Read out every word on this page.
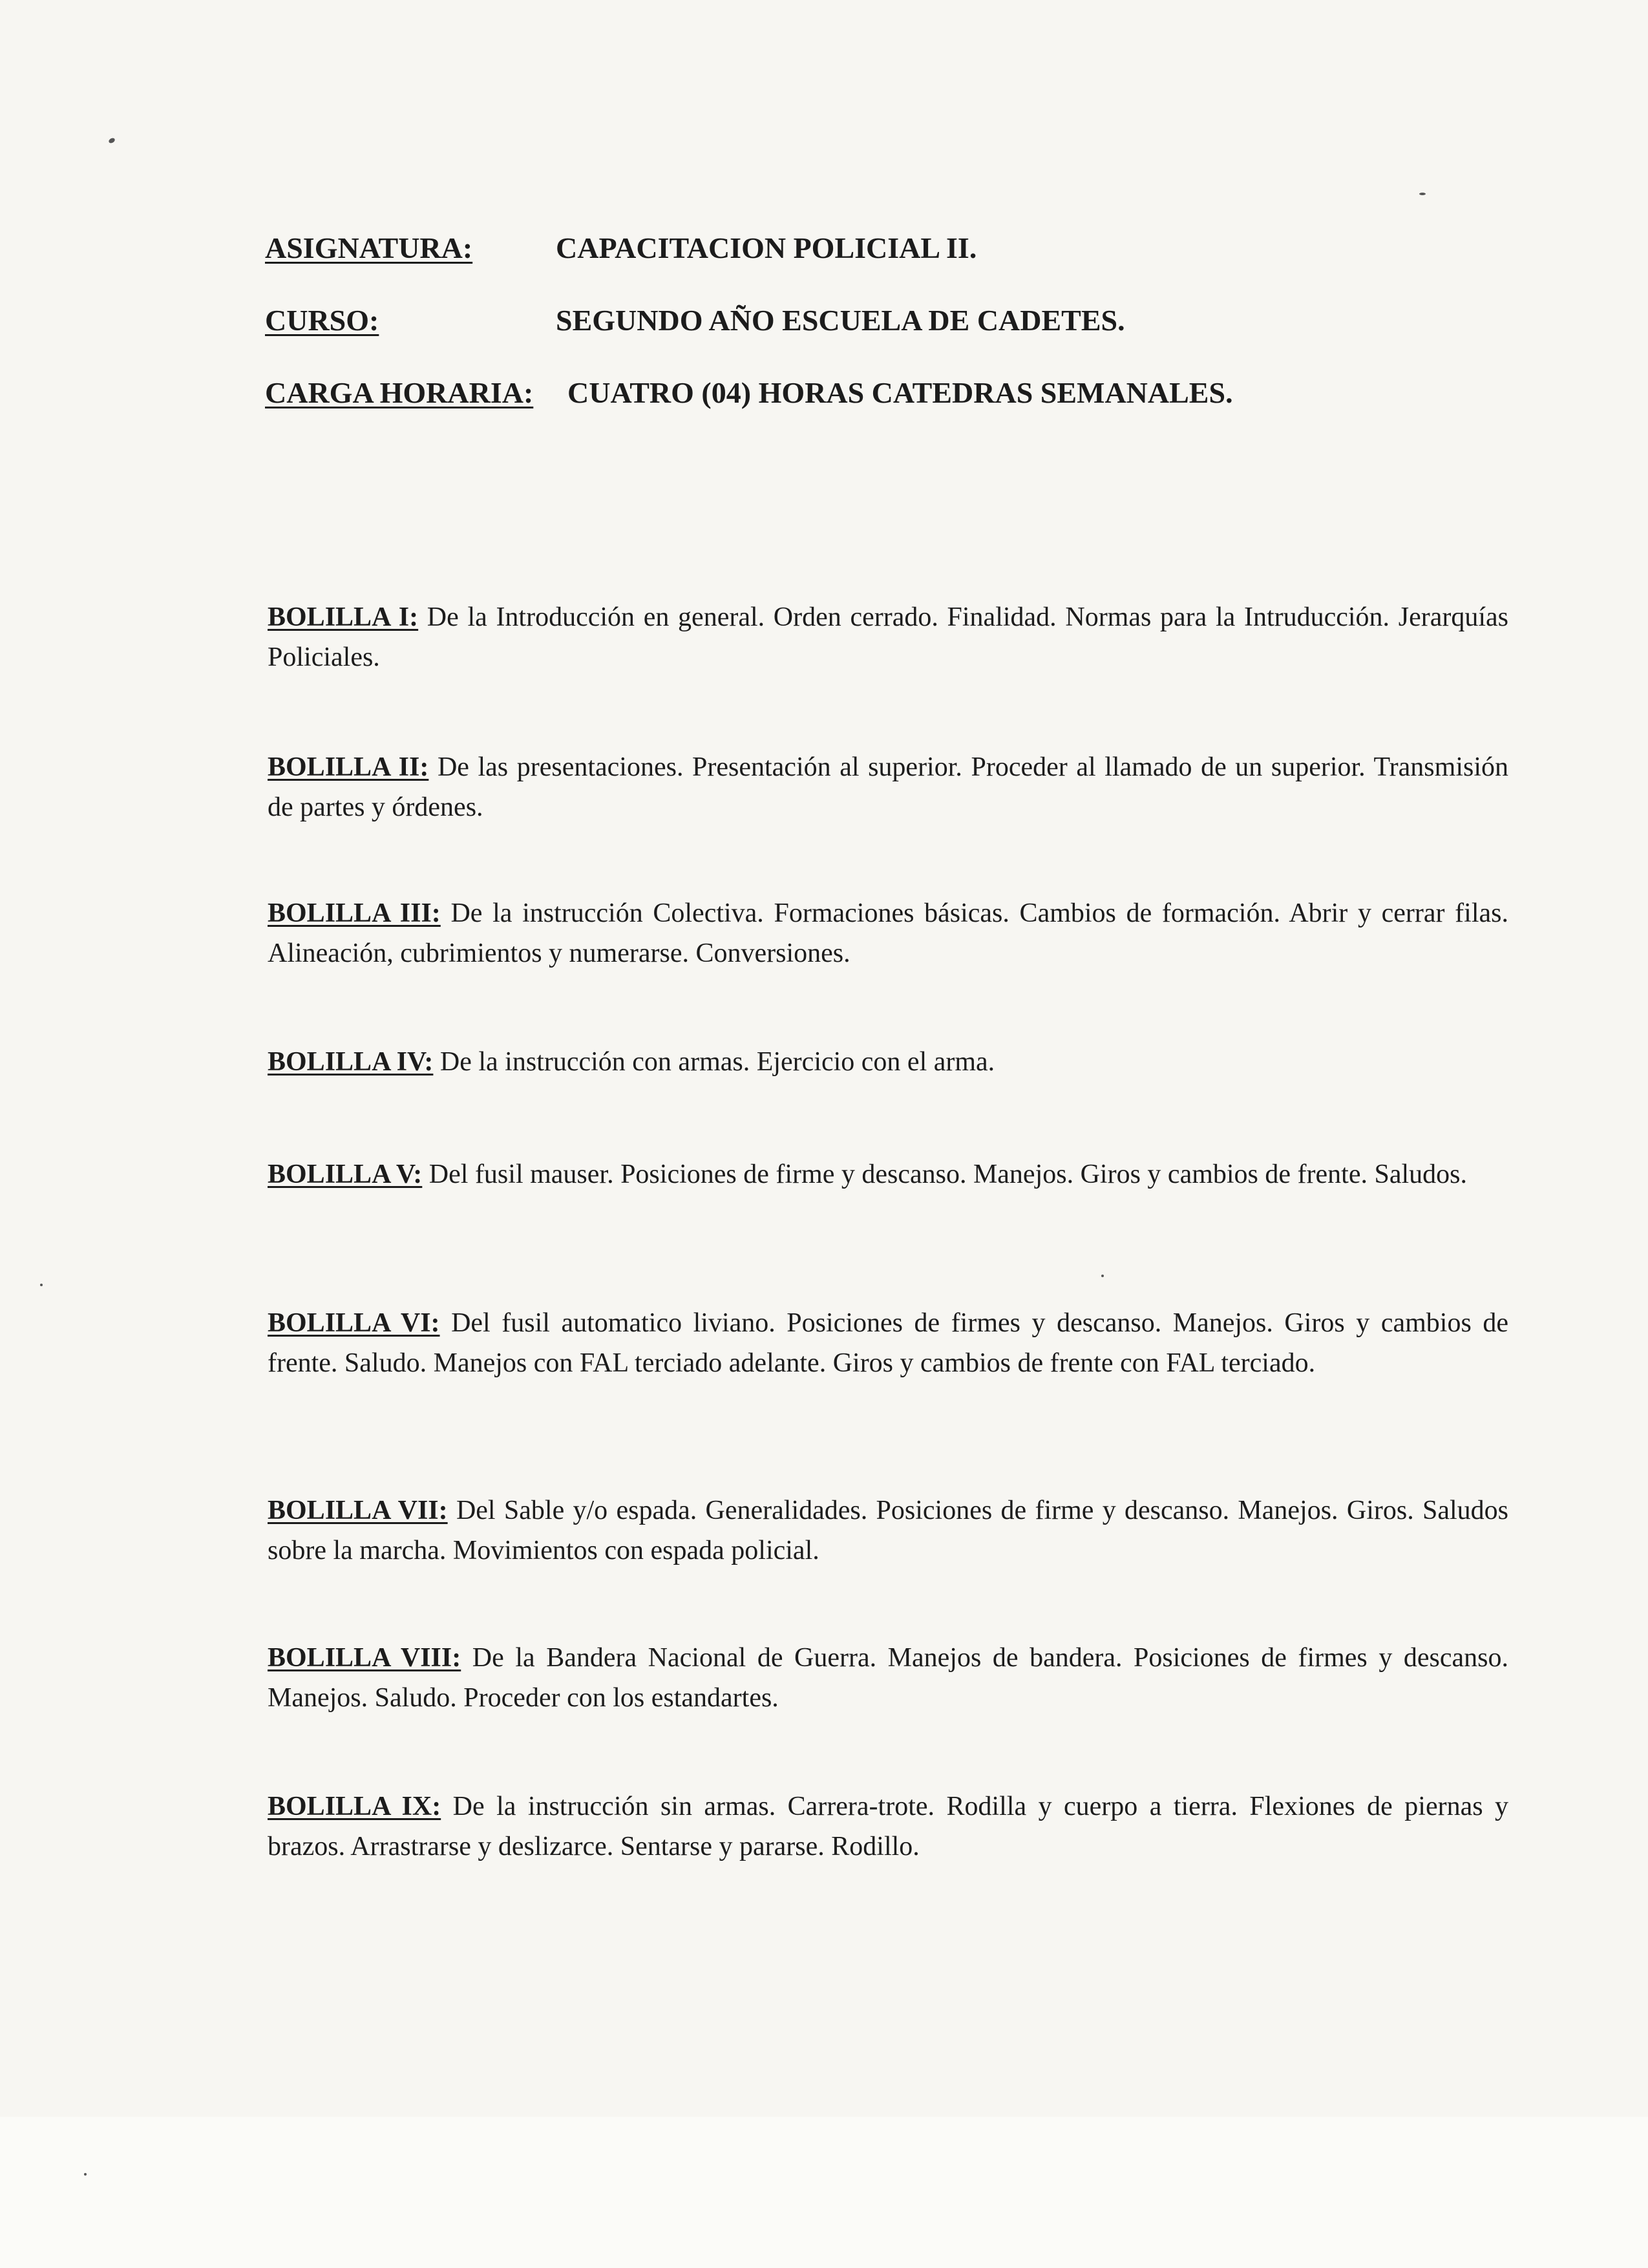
ASIGNATURA:	CAPACITACION POLICIAL II.
CURSO:	SEGUNDO AÑO ESCUELA DE CADETES.
CARGA HORARIA: CUATRO (04) HORAS CATEDRAS SEMANALES.
BOLILLA I: De la Introducción en general. Orden cerrado. Finalidad. Normas para la Intruducción. Jerarquías Policiales.
BOLILLA II: De las presentaciones. Presentación al superior. Proceder al llamado de un superior. Transmisión de partes y órdenes.
BOLILLA III: De la instrucción Colectiva. Formaciones básicas. Cambios de formación. Abrir y cerrar filas. Alineación, cubrimientos y numerarse. Conversiones.
BOLILLA IV: De la instrucción con armas. Ejercicio con el arma.
BOLILLA V: Del fusil mauser. Posiciones de firme y descanso. Manejos. Giros y cambios de frente. Saludos.
BOLILLA VI: Del fusil automatico liviano. Posiciones de firmes y descanso. Manejos. Giros y cambios de frente. Saludo. Manejos con FAL terciado adelante. Giros y cambios de frente con FAL terciado.
BOLILLA VII: Del Sable y/o espada. Generalidades. Posiciones de firme y descanso. Manejos. Giros. Saludos sobre la marcha. Movimientos con espada policial.
BOLILLA VIII: De la Bandera Nacional de Guerra. Manejos de bandera. Posiciones de firmes y descanso. Manejos. Saludo. Proceder con los estandartes.
BOLILLA IX: De la instrucción sin armas. Carrera-trote. Rodilla y cuerpo a tierra. Flexiones de piernas y brazos. Arrastrarse y deslizarce. Sentarse y pararse. Rodillo.
